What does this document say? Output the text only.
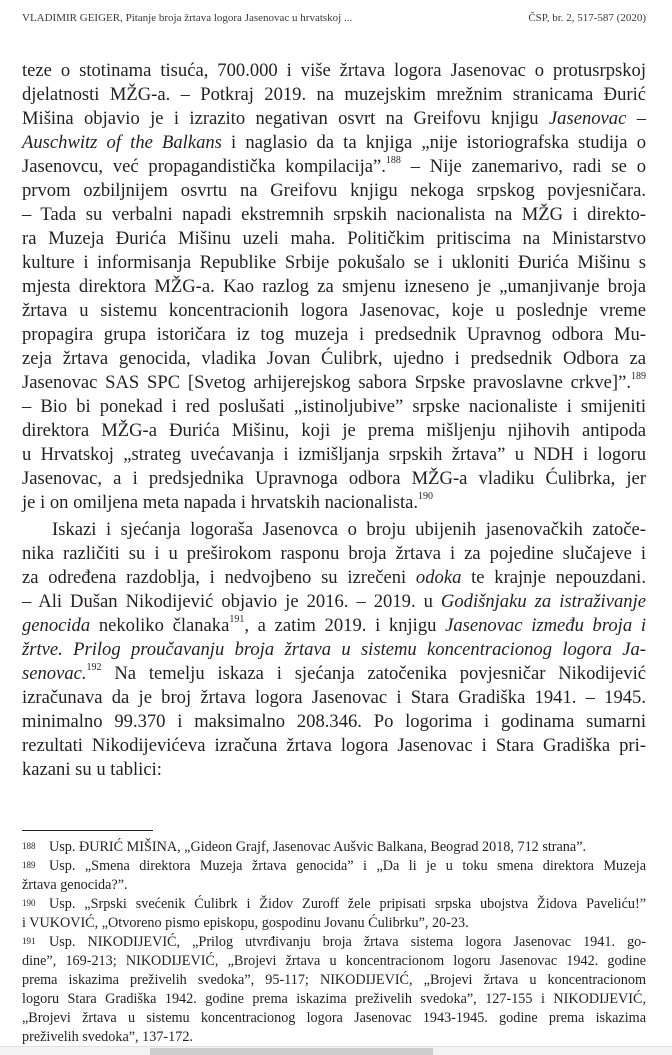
VLADIMIR GEIGER, Pitanje broja žrtava logora Jasenovac u hrvatskoj ...	ČSP, br. 2, 517-587 (2020)

teze o stotinama tisuća, 700.000 i više žrtava logora Jasenovac o protusrpskoj
djelatnosti MŽG-a. – Potkraj 2019. na muzejskim mrežnim stranicama Đurić
Mišina objavio je i izrazito negativan osvrt na Greifovu knjigu Jasenovac –
Auschwitz of the Balkans i naglasio da ta knjiga „nije istoriografska studija o
Jasenovcu, već propagandistička kompilacija”.$^{188}$ – Nije zanemarivo, radi se o
prvom ozbiljnijem osvrtu na Greifovu knjigu nekoga srpskog povjesničara.
– Tada su verbalni napadi ekstremnih srpskih nacionalista na MŽG i direkto-
ra Muzeja Đurića Mišinu uzeli maha. Političkim pritiscima na Ministarstvo
kulture i informisanja Republike Srbije pokušalo se i ukloniti Đurića Mišinu s
mjesta direktora MŽG-a. Kao razlog za smjenu izneseno je „umanjivanje broja
žrtava u sistemu koncentracionih logora Jasenovac, koje u poslednje vreme
propagira grupa istoričara iz tog muzeja i predsednik Upravnog odbora Mu-
zeja žrtava genocida, vladika Jovan Ćulibrk, ujedno i predsednik Odbora za
Jasenovac SAS SPC [Svetog arhijerejskog sabora Srpske pravoslavne crkve]”.$^{189}$
– Bio bi ponekad i red poslušati „istinoljubive” srpske nacionaliste i smijeniti
direktora MŽG-a Đurića Mišinu, koji je prema mišljenju njihovih antipoda
u Hrvatskoj „strateg uvećavanja i izmišljanja srpskih žrtava” u NDH i logoru
Jasenovac, a i predsjednika Upravnoga odbora MŽG-a vladiku Ćulibrka, jer
je i on omiljena meta napada i hrvatskih nacionalista.$^{190}$

Iskazi i sjećanja logoraša Jasenovca o broju ubijenih jasenovačkih zatoče-
nika različiti su i u preširokom rasponu broja žrtava i za pojedine slučajeve i
za određena razdoblja, i nedvojbeno su izrečeni odoka te krajnje nepouzdani.
– Ali Dušan Nikodijević objavio je 2016. – 2019. u Godišnjaku za istraživanje
genocida nekoliko članaka$^{191}$, a zatim 2019. i knjigu Jasenovac između broja i
žrtve. Prilog proučavanju broja žrtava u sistemu koncentracionog logora Ja-
senovac.$^{192}$ Na temelju iskaza i sjećanja zatočenika povjesničar Nikodijević
izračunava da je broj žrtava logora Jasenovac i Stara Gradiška 1941. – 1945.
minimalno 99.370 i maksimalno 208.346. Po logorima i godinama sumarni
rezultati Nikodijevićeva izračuna žrtava logora Jasenovac i Stara Gradiška pri-
kazani su u tablici:

188 Usp. ĐURIĆ MIŠINA, „Gideon Grajf, Jasenovac Aušvic Balkana, Beograd 2018, 712 strana”.
189 Usp. „Smena direktora Muzeja žrtava genocida” i „Da li je u toku smena direktora Muzeja
žrtava genocida?”.
190 Usp. „Srpski svećenik Ćulibrk i Židov Zuroff žele pripisati srpska ubojstva Židova Paveliću!”
i VUKOVIĆ, „Otvoreno pismo episkopu, gospodinu Jovanu Ćulibrku”, 20-23.
191 Usp. NIKODIJEVIĆ, „Prilog utvrđivanju broja žrtava sistema logora Jasenovac 1941. go-
dine”, 169-213; NIKODIJEVIĆ, „Brojevi žrtava u koncentracionom logoru Jasenovac 1942. godine
prema iskazima preživelih svedoka”, 95-117; NIKODIJEVIĆ, „Brojevi žrtava u koncentracionom
logoru Stara Gradiška 1942. godine prema iskazima preživelih svedoka”, 127-155 i NIKODIJEVIĆ,
„Brojevi žrtava u sistemu koncentracionog logora Jasenovac 1943-1945. godine prema iskazima
preživelih svedoka”, 137-172.
